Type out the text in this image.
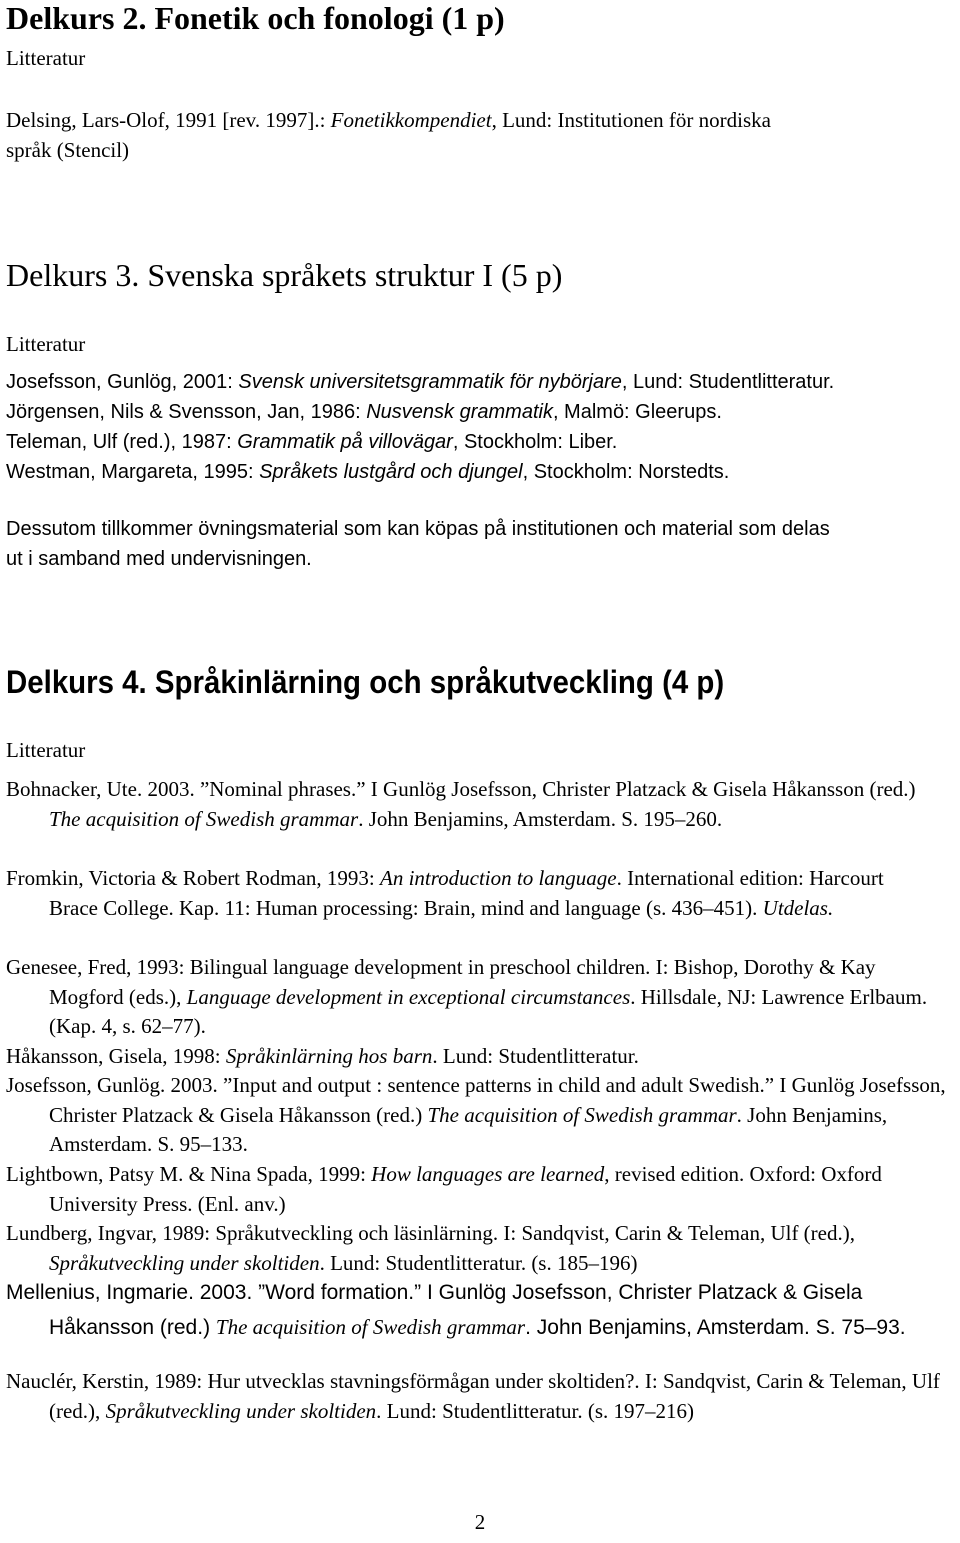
Delkurs 2. Fonetik och fonologi (1 p)
Litteratur
Delsing, Lars-Olof, 1991 [rev. 1997].: Fonetikkompendiet, Lund: Institutionen för nordiska
språk (Stencil)
Delkurs 3. Svenska språkets struktur I (5 p)
Litteratur
Josefsson, Gunlög, 2001: Svensk universitetsgrammatik för nybörjare, Lund: Studentlitteratur.
Jörgensen, Nils & Svensson, Jan, 1986: Nusvensk grammatik, Malmö: Gleerups.
Teleman, Ulf (red.), 1987: Grammatik på villovägar, Stockholm: Liber.
Westman, Margareta, 1995: Språkets lustgård och djungel, Stockholm: Norstedts.
Dessutom tillkommer övningsmaterial som kan köpas på institutionen och material som delas
ut i samband med undervisningen.
Delkurs 4. Språkinlärning och språkutveckling (4 p)
Litteratur
Bohnacker, Ute. 2003. ”Nominal phrases.” I Gunlög Josefsson, Christer Platzack & Gisela Håkansson (red.) The acquisition of Swedish grammar. John Benjamins, Amsterdam. S. 195–260.
Fromkin, Victoria & Robert Rodman, 1993: An introduction to language. International edition: Harcourt Brace College. Kap. 11: Human processing: Brain, mind and language (s. 436–451). Utdelas.
Genesee, Fred, 1993: Bilingual language development in preschool children. I: Bishop, Dorothy & Kay Mogford (eds.), Language development in exceptional circumstances. Hillsdale, NJ: Lawrence Erlbaum. (Kap. 4, s. 62–77).
Håkansson, Gisela, 1998: Språkinlärning hos barn. Lund: Studentlitteratur.
Josefsson, Gunlög. 2003. ”Input and output : sentence patterns in child and adult Swedish.” I Gunlög Josefsson, Christer Platzack & Gisela Håkansson (red.) The acquisition of Swedish grammar. John Benjamins, Amsterdam. S. 95–133.
Lightbown, Patsy M. & Nina Spada, 1999: How languages are learned, revised edition. Oxford: Oxford University Press. (Enl. anv.)
Lundberg, Ingvar, 1989: Språkutveckling och läsinlärning. I: Sandqvist, Carin & Teleman, Ulf (red.), Språkutveckling under skoltiden. Lund: Studentlitteratur. (s. 185–196)
Mellenius, Ingmarie. 2003. ”Word formation.” I Gunlög Josefsson, Christer Platzack & Gisela Håkansson (red.) The acquisition of Swedish grammar. John Benjamins, Amsterdam. S. 75–93.
Nauclér, Kerstin, 1989: Hur utvecklas stavningsförmågan under skoltiden?. I: Sandqvist, Carin & Teleman, Ulf (red.), Språkutveckling under skoltiden. Lund: Studentlitteratur. (s. 197–216)
2
